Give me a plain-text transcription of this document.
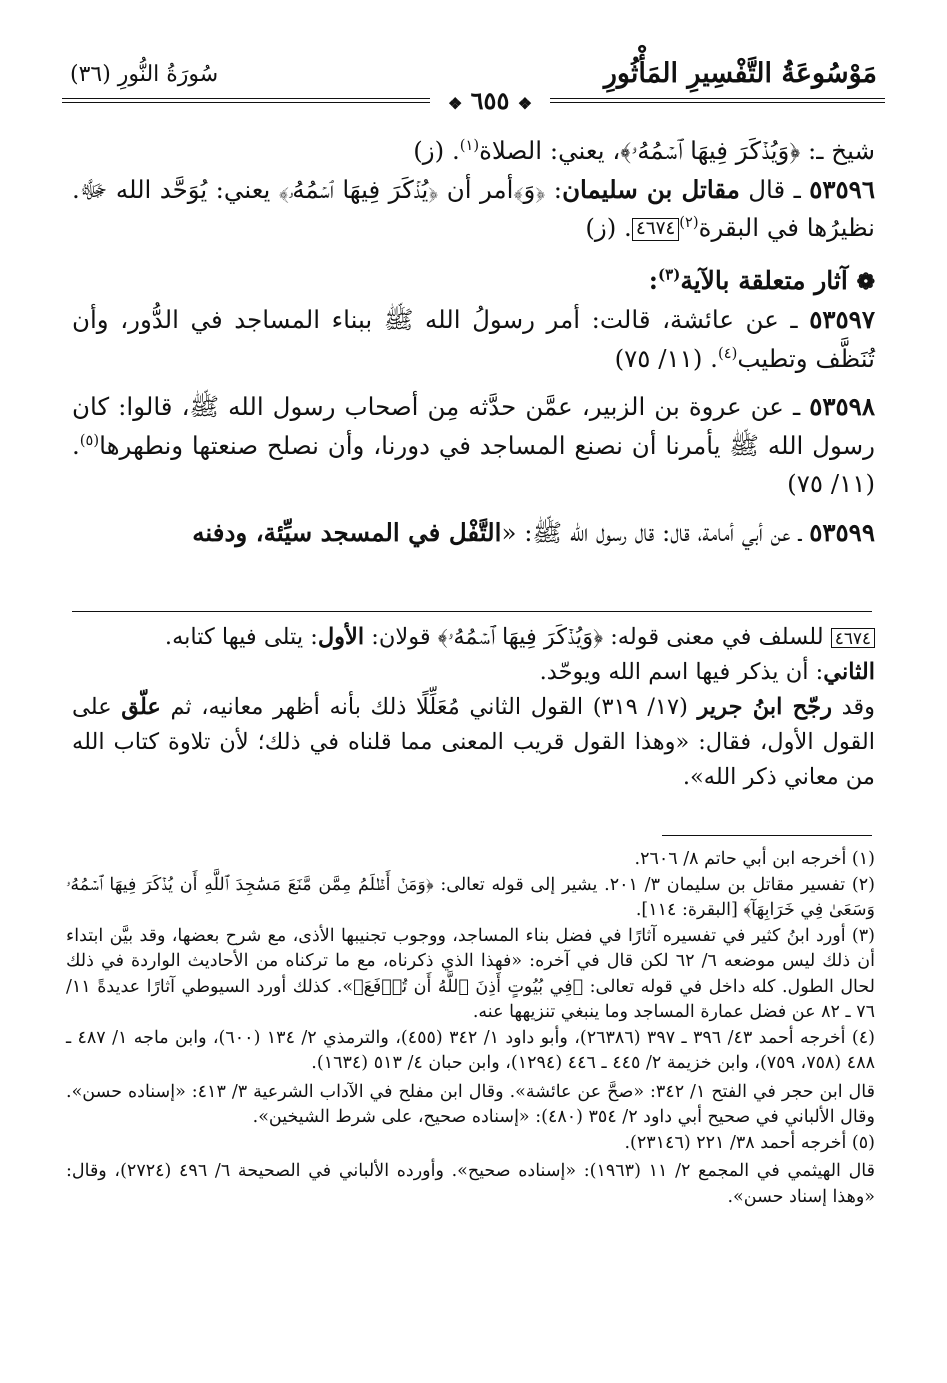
مَوْسُوعَةُ التَّفْسِيرِ المَأْثُورِ
سُورَةُ النُّورِ (٣٦)
❖ ٦٥٥ ❖

شيخ ـ: ﴿وَيُذۡكَرَ فِيهَا ٱسۡمُهُۥ﴾، يعني: الصلاة$^{(١)}$. (ز)

٥٣٥٩٦ ـ قال مقاتل بن سليمان: ﴿وَ﴾أمر أن ﴿يُذۡكَرَ فِيهَا ٱسۡمُهُۥ﴾ يعني: يُوَحَّد الله ﷻ. نظيرُها في البقرة$^{(٢)}$٤٦٧٤. (ز)

❁ آثار متعلقة بالآية$^{(٣)}$:

٥٣٥٩٧ ـ عن عائشة، قالت: أمر رسولُ الله ﷺ ببناء المساجد في الدُّور، وأن تُنَظَّف وتطيب$^{(٤)}$. (١١/ ٧٥)

٥٣٥٩٨ ـ عن عروة بن الزبير، عمَّن حدَّثه مِن أصحاب رسول الله ﷺ، قالوا: كان رسول الله ﷺ يأمرنا أن نصنع المساجد في دورنا، وأن نصلح صنعتها ونطهرها$^{(٥)}$. (١١/ ٧٥)

٥٣٥٩٩ ـ عن أبي أمامة، قال: قال رسول الله ﷺ: «التَّفْل في المسجد سيِّئة، ودفنه

٤٦٧٤ للسلف في معنى قوله: ﴿وَيُذۡكَرَ فِيهَا ٱسۡمُهُۥ﴾ قولان: الأول: يتلى فيها كتابه.

الثاني: أن يذكر فيها اسم الله ويوحّد.

وقد رجّح ابنُ جرير (١٧/ ٣١٩) القول الثاني مُعَلِّلًا ذلك بأنه أظهر معانيه، ثم علّق على القول الأول، فقال: «وهذا القول قريب المعنى مما قلناه في ذلك؛ لأن تلاوة كتاب الله من معاني ذكر الله».

(١) أخرجه ابن أبي حاتم ٨/ ٢٦٠٦.

(٢) تفسير مقاتل بن سليمان ٣/ ٢٠١. يشير إلى قوله تعالى: ﴿وَمَنۡ أَظۡلَمُ مِمَّن مَّنَعَ مَسَٰجِدَ ٱللَّهِ أَن يُذۡكَرَ فِيهَا ٱسۡمُهُۥ وَسَعَىٰ فِي خَرَابِهَآ﴾ [البقرة: ١١٤].

(٣) أورد ابنُ كثير في تفسيره آثارًا في فضل بناء المساجد، ووجوب تجنيبها الأذى، مع شرح بعضها، وقد بيَّن ابتداء أن ذلك ليس موضعه ٦/ ٦٢ لكن قال في آخره: «فهذا الذي ذكرناه، مع ما تركناه من الأحاديث الواردة في ذلك لحال الطول. كله داخل في قوله تعالى: ﴿فِي بُيُوتٍ أَذِنَ ٱللَّهُ أَن تُرۡفَعَ﴾». كذلك أورد السيوطي آثارًا عديدةً ١١/ ٧٦ ـ ٨٢ عن فضل عمارة المساجد وما ينبغي تنزيهها عنه.

(٤) أخرجه أحمد ٤٣/ ٣٩٦ ـ ٣٩٧ (٢٦٣٨٦)، وأبو داود ١/ ٣٤٢ (٤٥٥)، والترمذي ٢/ ١٣٤ (٦٠٠)، وابن ماجه ١/ ٤٨٧ ـ ٤٨٨ (٧٥٨، ٧٥٩)، وابن خزيمة ٢/ ٤٤٥ ـ ٤٤٦ (١٢٩٤)، وابن حبان ٤/ ٥١٣ (١٦٣٤).

قال ابن حجر في الفتح ١/ ٣٤٢: «صحَّ عن عائشة». وقال ابن مفلح في الآداب الشرعية ٣/ ٤١٣: «إسناده حسن». وقال الألباني في صحيح أبي داود ٢/ ٣٥٤ (٤٨٠): «إسناده صحيح، على شرط الشيخين».

(٥) أخرجه أحمد ٣٨/ ٢٢١ (٢٣١٤٦).

قال الهيثمي في المجمع ٢/ ١١ (١٩٦٣): «إسناده صحيح». وأورده الألباني في الصحيحة ٦/ ٤٩٦ (٢٧٢٤)، وقال: «وهذا إسناد حسن».
